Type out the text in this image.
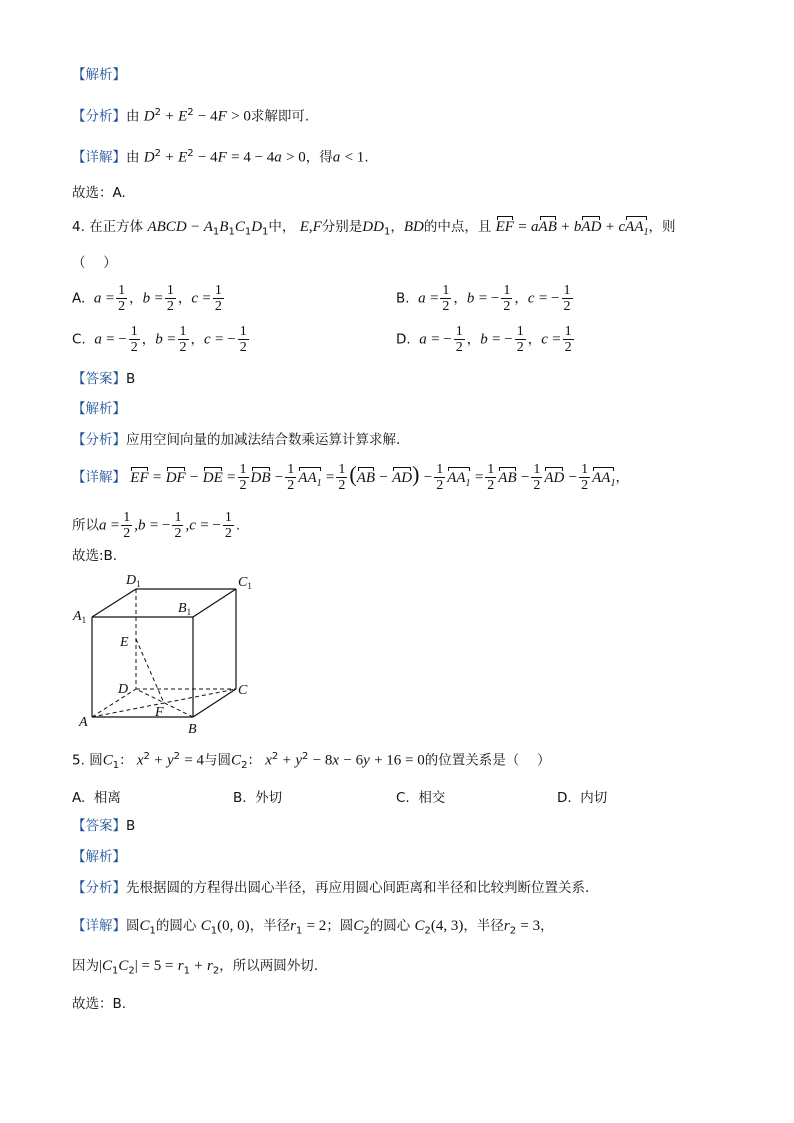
【解析】
【分析】由 $D^2 + E^2 - 4F > 0$求解即可.
【详解】由 $D^2 + E^2 - 4F = 4 - 4a > 0$，得a < 1.
故选：A.
4. 在正方体 ABCD − $A_1B_1C_1D_1$中， E,F分别是$DD_1$，BD的中点，且 EF = aAB + bAD + cAA$_1$，则
（　 ）
A. $a = \frac{1}{2}$ ，$b = \frac{1}{2}$ ，$c = \frac{1}{2}$	B. $a = \frac{1}{2}$ ，b = − $\frac{1}{2}$ ，c = − $\frac{1}{2}$
C. a = − $\frac{1}{2}$ ，$b = \frac{1}{2}$ ，c = − $\frac{1}{2}$	D. a = − $\frac{1}{2}$ ，b = − $\frac{1}{2}$ ，$c = \frac{1}{2}$
【答案】B
【解析】
【分析】应用空间向量的加减法结合数乘运算计算求解.
【详解】 EF = DF − DE = $\frac{1}{2}$ DB − $\frac{1}{2} AA_1 = \frac{1}{2} (AB - AD) - \frac{1}{2} AA_1 = \frac{1}{2}$ AB − $\frac{1}{2}$ AD − $\frac{1}{2} AA_1$，
所以$a = \frac{1}{2} ,b$ = − $\frac{1}{2} ,c$ = − $\frac{1}{2}$ .
故选:B.
$D_1$	$C_1$
$A_1$
$B_1$
E
D	C
A
F
B
5. 圆$C_1$： $x^2 + y^2 = 4$与圆$C_2$： $x^2 + y^2 - 8x - 6y + 16 = 0$的位置关系是（　 ）
A. 相离	B. 外切	C. 相交	D. 内切
【答案】B
【解析】
【分析】先根据圆的方程得出圆心半径，再应用圆心间距离和半径和比较判断位置关系.
【详解】圆$C_1$的圆心 $C_1(0$, 0)，半径$r_1 = 2$；圆$C_2$的圆心 $C_2(4$, 3)，半径$r_2 = 3$，
因为$|C_1C_2| = 5 = r_1 + r_2$，所以两圆外切.
故选：B.
